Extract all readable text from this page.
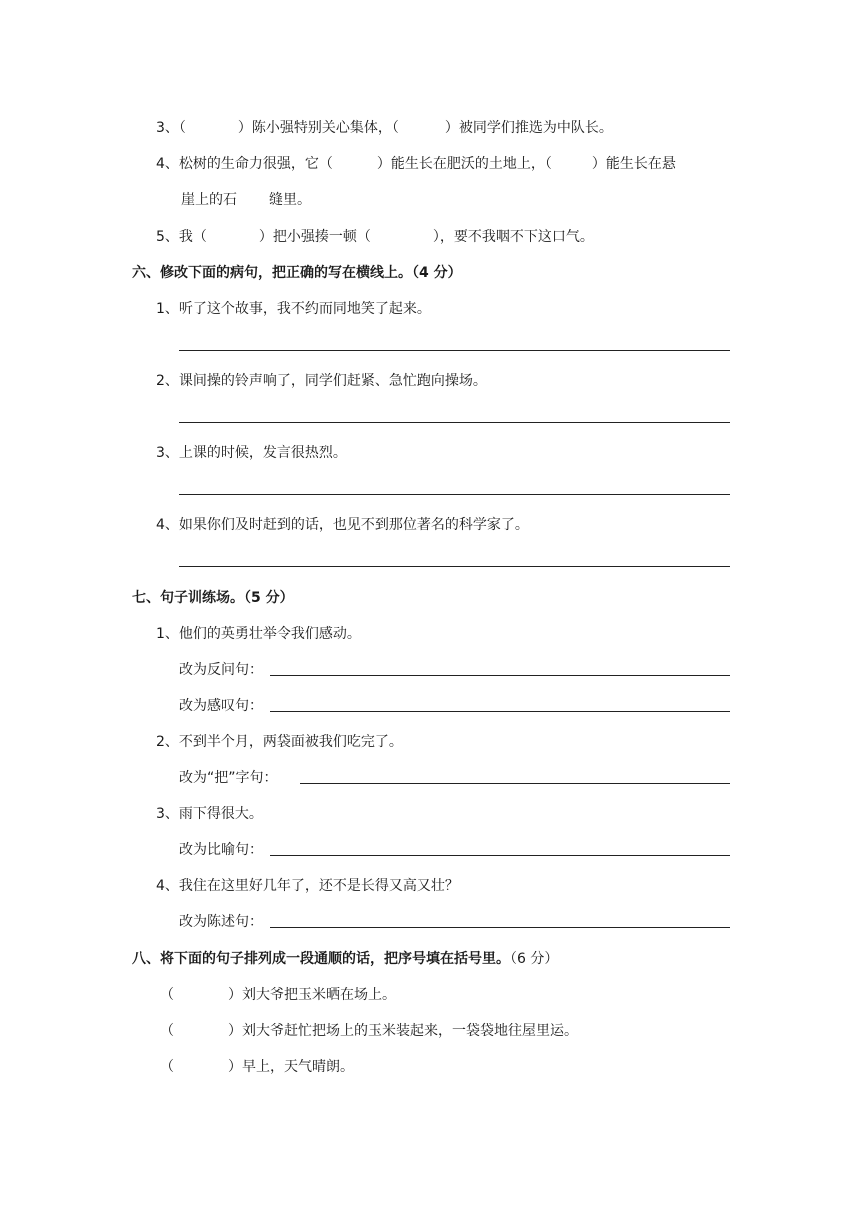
3、（	）陈小强特别关心集体，（	）被同学们推选为中队长。
4、松树的生命力很强，它（	）能生长在肥沃的土地上，（	）能生长在悬
崖上的石 缝里。
5、我（	）把小强揍一顿（	），要不我咽不下这口气。
六、修改下面的病句，把正确的写在横线上。（4 分）
1、听了这个故事，我不约而同地笑了起来。
2、课间操的铃声响了，同学们赶紧、急忙跑向操场。
3、上课的时候，发言很热烈。
4、如果你们及时赶到的话，也见不到那位著名的科学家了。
七、句子训练场。（5 分）
1、他们的英勇壮举令我们感动。
改为反问句：
改为感叹句：
2、不到半个月，两袋面被我们吃完了。
改为“把”字句：
3、雨下得很大。
改为比喻句：
4、我住在这里好几年了，还不是长得又高又壮？
改为陈述句：
八、将下面的句子排列成一段通顺的话，把序号填在括号里。（6 分）
（	）刘大爷把玉米晒在场上。
（	）刘大爷赶忙把场上的玉米装起来，一袋袋地往屋里运。
（	）早上，天气晴朗。
